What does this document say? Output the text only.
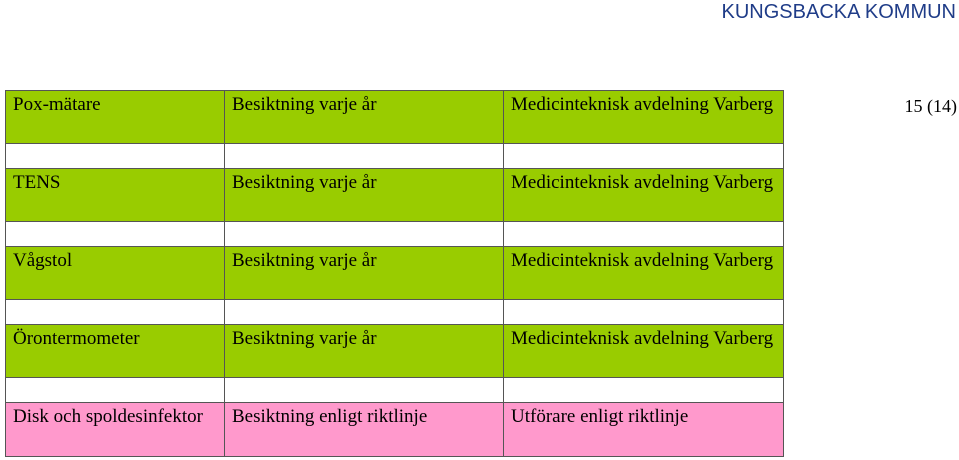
KUNGSBACKA KOMMUN
15 (14)
Pox-mätare	Besiktning varje år	Medicinteknisk avdelning Varberg

TENS	Besiktning varje år	Medicinteknisk avdelning Varberg

Vågstol	Besiktning varje år	Medicinteknisk avdelning Varberg

Örontermometer	Besiktning varje år	Medicinteknisk avdelning Varberg

Disk och spoldesinfektor	Besiktning enligt riktlinje	Utförare enligt riktlinje
